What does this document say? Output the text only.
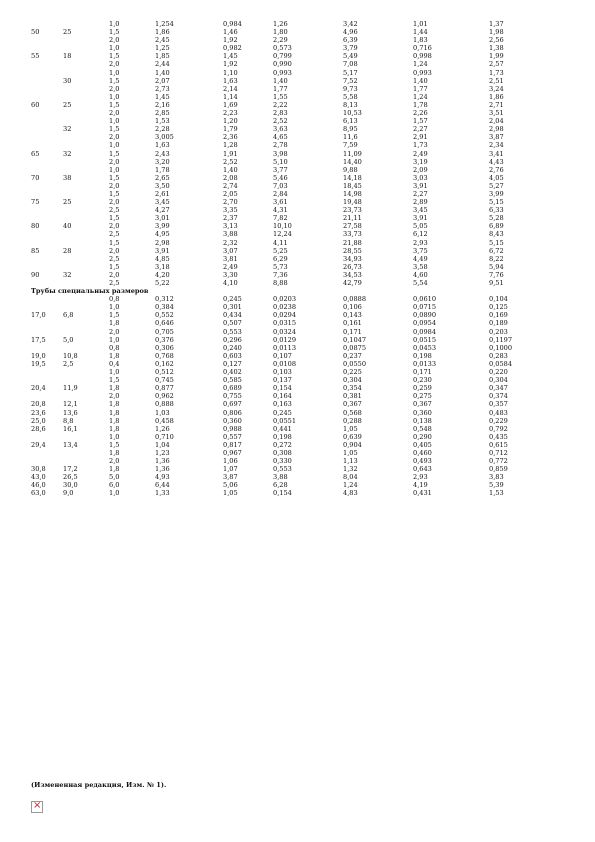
		1,0	1,254	0,984	1,26	3,42	1,01	1,37
50	25	1,5	1,86	1,46	1,80	4,96	1,44	1,98
		2,0	2,45	1,92	2,29	6,39	1,83	2,56
		1,0	1,25	0,982	0,573	3,79	0,716	1,38
55	18	1,5	1,85	1,45	0,799	5,49	0,998	1,99
		2,0	2,44	1,92	0,990	7,08	1,24	2,57
		1,0	1,40	1,10	0,993	5,17	0,993	1,73
	30	1,5	2,07	1,63	1,40	7,52	1,40	2,51
		2,0	2,73	2,14	1,77	9,73	1,77	3,24
		1,0	1,45	1,14	1,55	5,58	1,24	1,86
60	25	1,5	2,16	1,69	2,22	8,13	1,78	2,71
		2,0	2,85	2,23	2,83	10,53	2,26	3,51
		1,0	1,53	1,20	2,52	6,13	1,57	2,04
	32	1,5	2,28	1,79	3,63	8,95	2,27	2,98
		2,0	3,005	2,36	4,65	11,6	2,91	3,87
		1,0	1,63	1,28	2,78	7,59	1,73	2,34
65	32	1,5	2,43	1,91	3,98	11,09	2,49	3,41
		2,0	3,20	2,52	5,10	14,40	3,19	4,43
		1,0	1,78	1,40	3,77	9,88	2,09	2,76
70	38	1,5	2,65	2,08	5,46	14,18	3,03	4,05
		2,0	3,50	2,74	7,03	18,45	3,91	5,27
		1,5	2,61	2,05	2,84	14,98	2,27	3,99
75	25	2,0	3,45	2,70	3,61	19,48	2,89	5,15
		2,5	4,27	3,35	4,31	23,73	3,45	6,33
		1,5	3,01	2,37	7,82	21,11	3,91	5,28
80	40	2,0	3,99	3,13	10,10	27,58	5,05	6,89
		2,5	4,95	3,88	12,24	33,73	6,12	8,43
		1,5	2,98	2,32	4,11	21,88	2,93	5,15
85	28	2,0	3,91	3,07	5,25	28,55	3,75	6,72
		2,5	4,85	3,81	6,29	34,93	4,49	8,22
		1,5	3,18	2,49	5,73	26,73	3,58	5,94
90	32	2,0	4,20	3,30	7,36	34,53	4,60	7,76
		2,5	5,22	4,10	8,88	42,79	5,54	9,51
Трубы специальных размеров								
		0,8	0,312	0,245	0,0203	0,0888	0,0610	0,104
		1,0	0,384	0,301	0,0238	0,106	0,0715	0,125
17,0	6,8	1,5	0,552	0,434	0,0294	0,143	0,0890	0,169
		1,8	0,646	0,507	0,0315	0,161	0,0954	0,189
		2,0	0,705	0,553	0,0324	0,171	0,0984	0,203
17,5	5,0	1,0	0,376	0,296	0,0129	0,1047	0,0515	0,1197
		0,8	0,306	0,240	0,0113	0,0875	0,0453	0,1000
19,0	10,8	1,8	0,768	0,603	0,107	0,237	0,198	0,283
19,5	2,5	0,4	0,162	0,127	0,0108	0,0550	0,0133	0,0584
		1,0	0,512	0,402	0,103	0,225	0,171	0,220
		1,5	0,745	0,585	0,137	0,304	0,230	0,304
20,4	11,9	1,8	0,877	0,689	0,154	0,354	0,259	0,347
		2,0	0,962	0,755	0,164	0,381	0,275	0,374
20,8	12,1	1,8	0,888	0,697	0,163	0,367	0,367	0,357
23,6	13,6	1,8	1,03	0,806	0,245	0,568	0,360	0,483
25,0	8,8	1,8	0,458	0,360	0,0551	0,288	0,138	0,229
28,6	16,1	1,8	1,26	0,988	0,441	1,05	0,548	0,792
		1,0	0,710	0,557	0,198	0,639	0,290	0,435
29,4	13,4	1,5	1,04	0,817	0,272	0,904	0,405	0,615
		1,8	1,23	0,967	0,308	1,05	0,460	0,712
		2,0	1,36	1,06	0,330	1,13	0,493	0,772
30,8	17,2	1,8	1,36	1,07	0,553	1,32	0,643	0,859
43,0	26,5	5,0	4,93	3,87	3,88	8,04	2,93	3,83
46,0	30,0	6,0	6,44	5,06	6,28	1,24	4,19	5,39
63,0	9,0	1,0	1,33	1,05	0,154	4,83	0,431	1,53
(Измененная редакция, Изм. № 1).
×
